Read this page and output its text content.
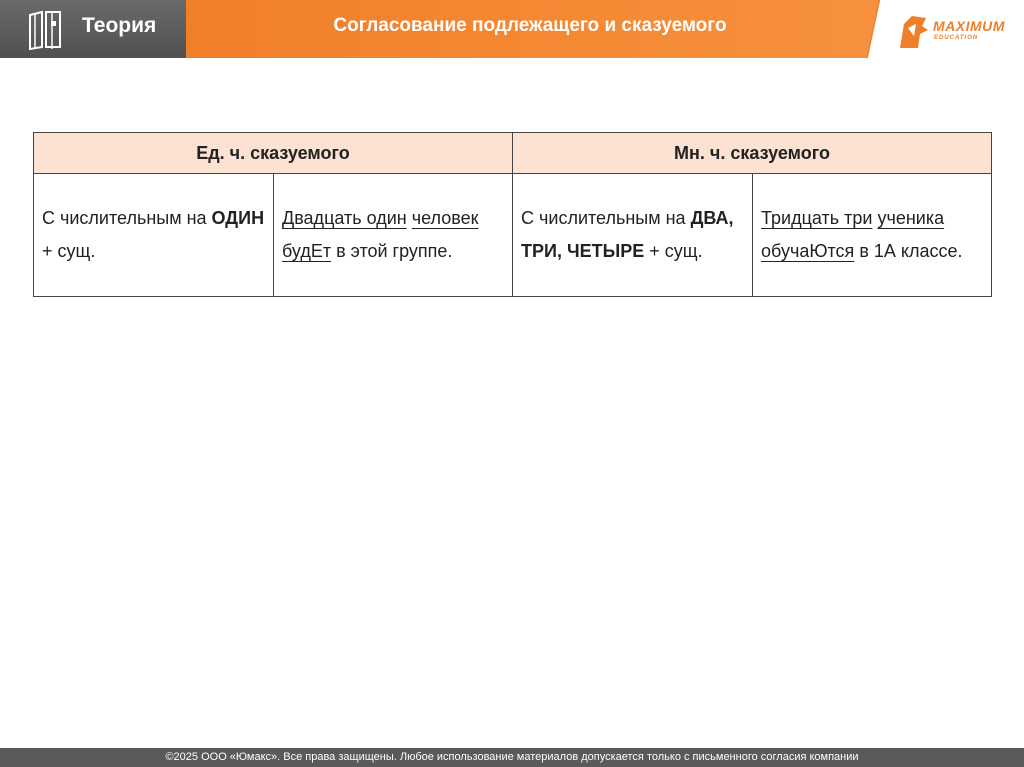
Теория	Согласование подлежащего и сказуемого	MAXIMUM
EDUCATION
Ед. ч. сказуемого		Мн. ч. сказуемого	
С числительным на ОДИН + сущ.	Двадцать один человек будЕт в этой группе.	С числительным на ДВА, ТРИ, ЧЕТЫРЕ + сущ.	Тридцать три ученика обучаЮтся в 1А классе.
©2025 ООО «Юмакс». Все права защищены. Любое использование материалов допускается только с письменного согласия компании
